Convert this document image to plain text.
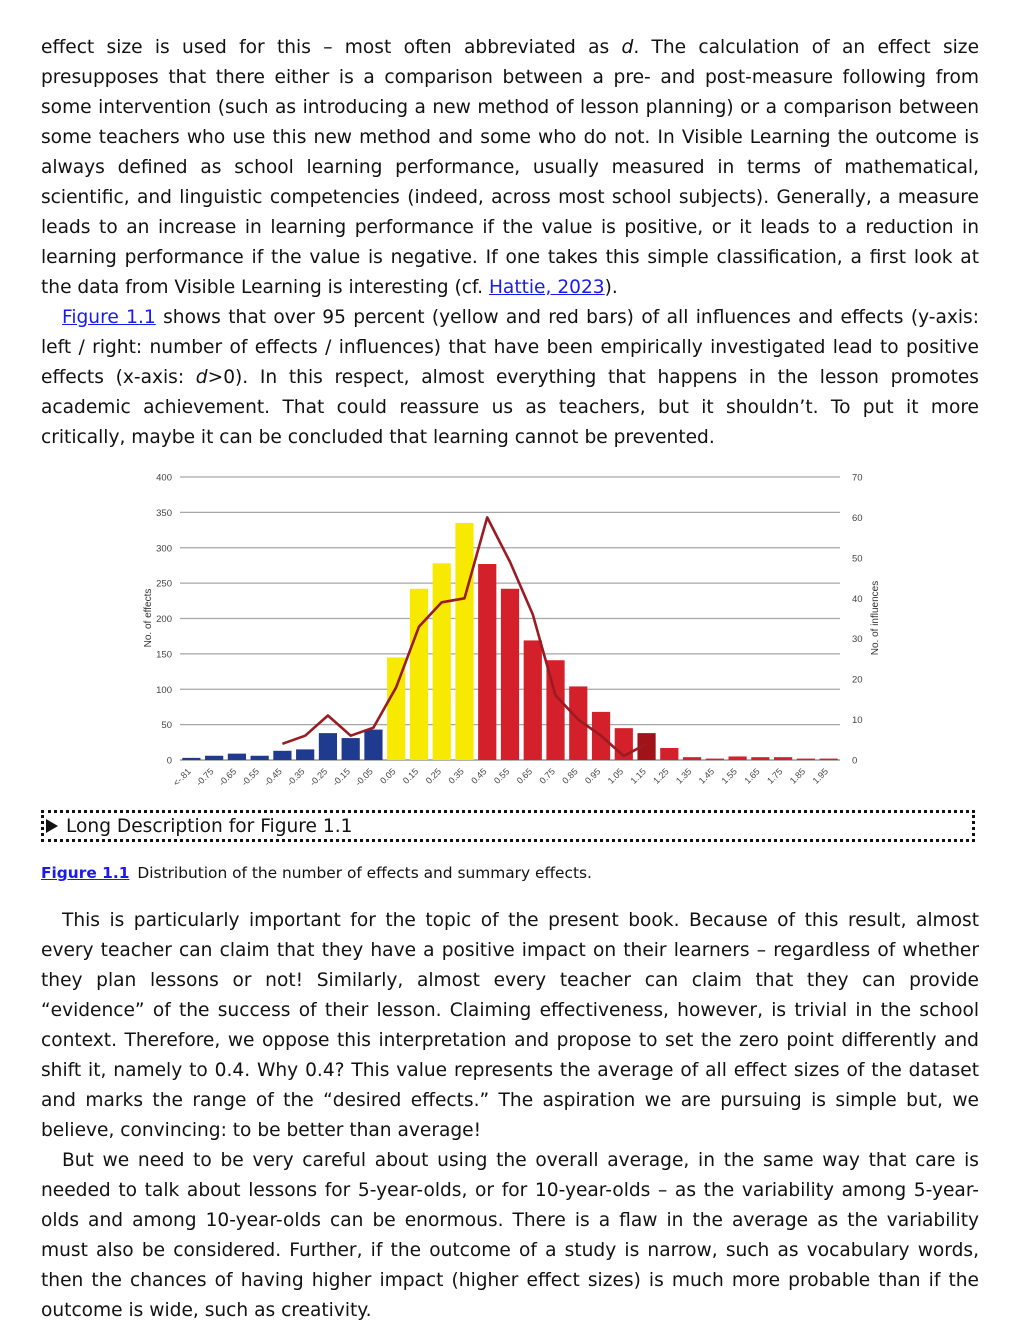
effect size is used for this – most often abbreviated as d. The calculation of an effect size presupposes that there either is a comparison between a pre- and post-measure following from some intervention (such as introducing a new method of lesson planning) or a comparison between some teachers who use this new method and some who do not. In Visible Learning the outcome is always defined as school learning performance, usually measured in terms of mathematical, scientific, and linguistic competencies (indeed, across most school subjects). Generally, a measure leads to an increase in learning performance if the value is positive, or it leads to a reduction in learning performance if the value is negative. If one takes this simple classification, a first look at the data from Visible Learning is interesting (cf. Hattie, 2023).

Figure 1.1 shows that over 95 percent (yellow and red bars) of all influences and effects (y-axis: left / right: number of effects / influences) that have been empirically investigated lead to positive effects (x-axis: d>0). In this respect, almost everything that happens in the lesson promotes academic achievement. That could reassure us as teachers, but it shouldn’t. To put it more critically, maybe it can be concluded that learning cannot be prevented.

0
50
100
150
200
250
300
350
400
0
10
20
30
40
50
60
70
<-.81 -0.75 -0.65 -0.55 -0.45 -0.35 -0.25 -0.15 -0.05 0.05 0.15 0.25 0.35 0.45 0.55 0.65 0.75 0.85 0.95 1.05 1.15 1.25 1.35 1.45 1.55 1.65 1.75 1.85 1.95
No. of effects	No. of influences
Long Description for Figure 1.1
Figure 1.1 Distribution of the number of effects and summary effects.

This is particularly important for the topic of the present book. Because of this result, almost every teacher can claim that they have a positive impact on their learners – regardless of whether they plan lessons or not! Similarly, almost every teacher can claim that they can provide “evidence” of the success of their lesson. Claiming effectiveness, however, is trivial in the school context. Therefore, we oppose this interpretation and propose to set the zero point differently and shift it, namely to 0.4. Why 0.4? This value represents the average of all effect sizes of the dataset and marks the range of the “desired effects.” The aspiration we are pursuing is simple but, we believe, convincing: to be better than average!

But we need to be very careful about using the overall average, in the same way that care is needed to talk about lessons for 5-year-olds, or for 10-year-olds – as the variability among 5-year-olds and among 10-year-olds can be enormous. There is a flaw in the average as the variability must also be considered. Further, if the outcome of a study is narrow, such as vocabulary words, then the chances of having higher impact (higher effect sizes) is much more probable than if the outcome is wide, such as creativity.
